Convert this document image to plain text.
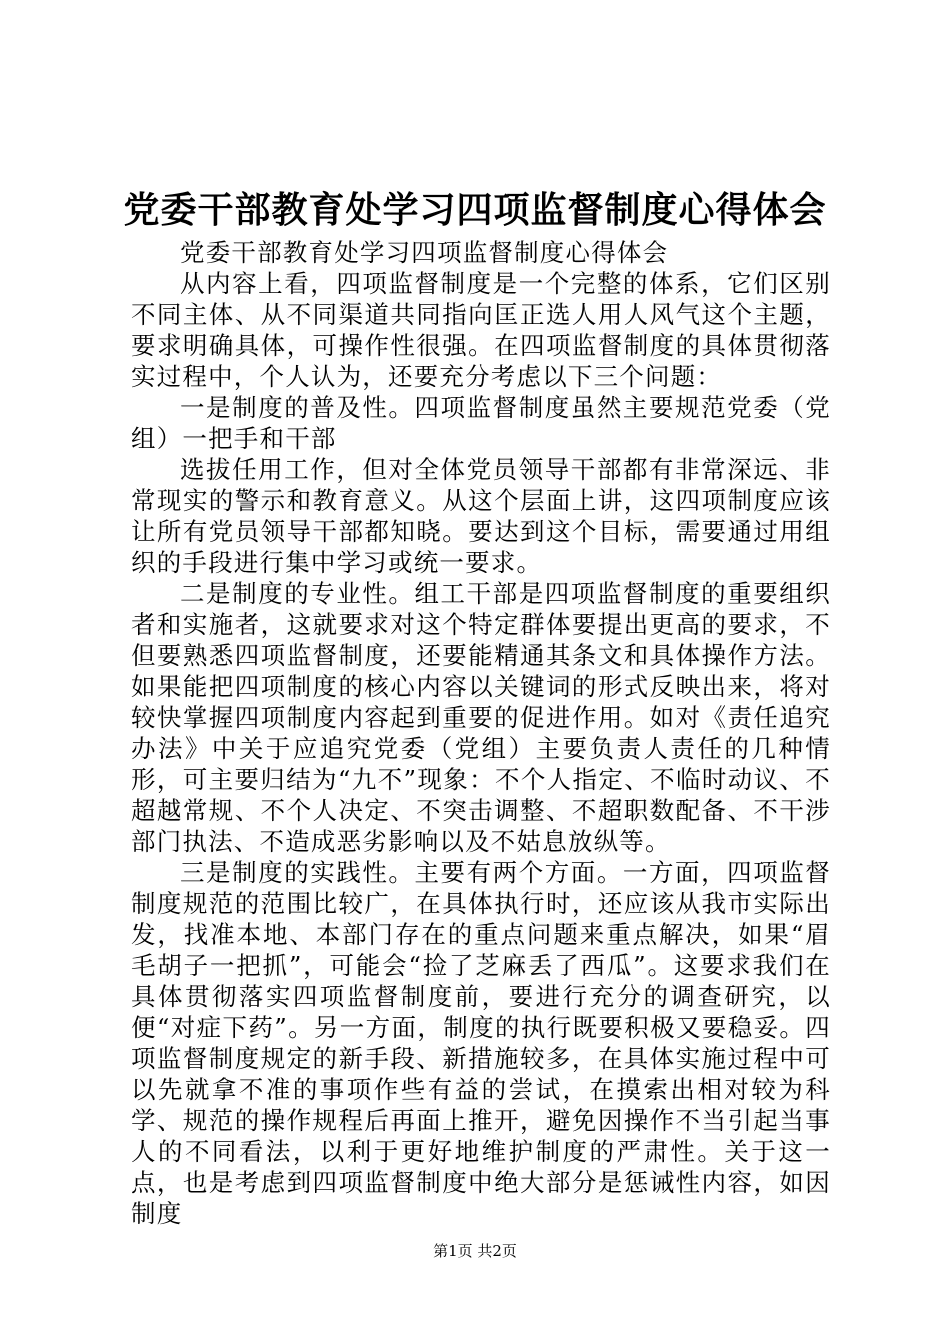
党委干部教育处学习四项监督制度心得体会

党委干部教育处学习四项监督制度心得体会

从内容上看，四项监督制度是一个完整的体系，它们区别不同主体、从不同渠道共同指向匡正选人用人风气这个主题，要求明确具体，可操作性很强。在四项监督制度的具体贯彻落实过程中，个人认为，还要充分考虑以下三个问题：

一是制度的普及性。四项监督制度虽然主要规范党委（党组）一把手和干部

选拔任用工作，但对全体党员领导干部都有非常深远、非常现实的警示和教育意义。从这个层面上讲，这四项制度应该让所有党员领导干部都知晓。要达到这个目标，需要通过用组织的手段进行集中学习或统一要求。

二是制度的专业性。组工干部是四项监督制度的重要组织者和实施者，这就要求对这个特定群体要提出更高的要求，不但要熟悉四项监督制度，还要能精通其条文和具体操作方法。如果能把四项制度的核心内容以关键词的形式反映出来，将对较快掌握四项制度内容起到重要的促进作用。如对《责任追究办法》中关于应追究党委（党组）主要负责人责任的几种情形，可主要归结为“九不”现象：不个人指定、不临时动议、不超越常规、不个人决定、不突击调整、不超职数配备、不干涉部门执法、不造成恶劣影响以及不姑息放纵等。

三是制度的实践性。主要有两个方面。一方面，四项监督制度规范的范围比较广，在具体执行时，还应该从我市实际出发，找准本地、本部门存在的重点问题来重点解决，如果“眉毛胡子一把抓”，可能会“捡了芝麻丢了西瓜”。这要求我们在具体贯彻落实四项监督制度前，要进行充分的调查研究，以便“对症下药”。另一方面，制度的执行既要积极又要稳妥。四项监督制度规定的新手段、新措施较多，在具体实施过程中可以先就拿不准的事项作些有益的尝试，在摸索出相对较为科学、规范的操作规程后再面上推开，避免因操作不当引起当事人的不同看法，以利于更好地维护制度的严肃性。关于这一点，也是考虑到四项监督制度中绝大部分是惩诫性内容，如因制度

第1页 共2页
